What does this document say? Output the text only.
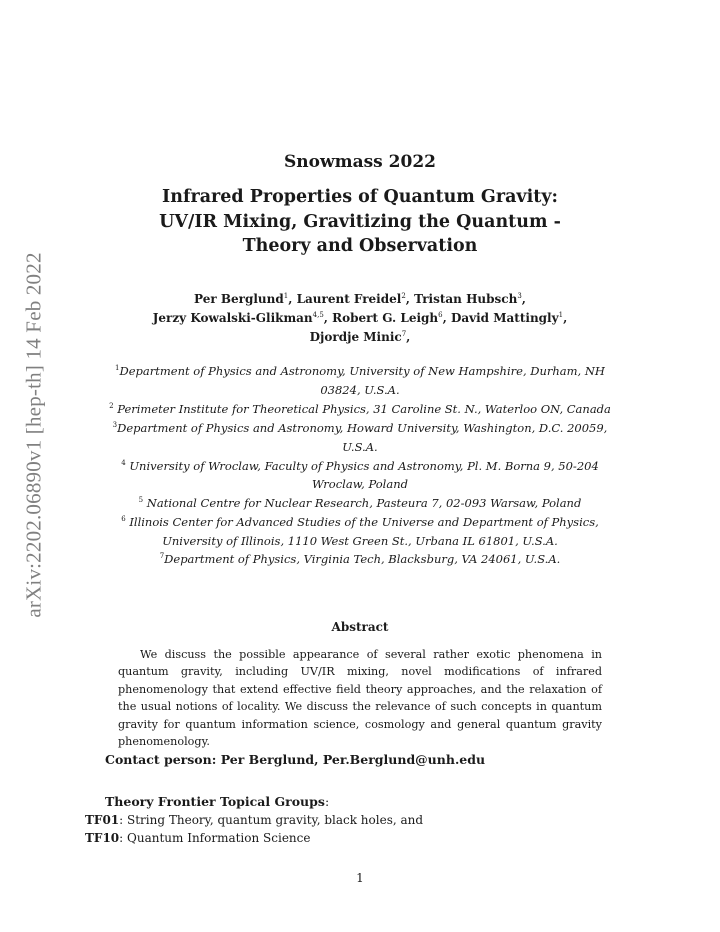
arXiv:2202.06890v1 [hep-th] 14 Feb 2022
Snowmass 2022
Infrared Properties of Quantum Gravity:
UV/IR Mixing, Gravitizing the Quantum -
Theory and Observation
Per Berglund$^1$, Laurent Freidel$^2$, Tristan Hubsch$^3$,
Jerzy Kowalski-Glikman$^{4,5}$, Robert G. Leigh$^6$, David Mattingly$^1$,
Djordje Minic$^7$,
$^1$Department of Physics and Astronomy, University of New Hampshire, Durham, NH
03824, U.S.A.
$^2$ Perimeter Institute for Theoretical Physics, 31 Caroline St. N., Waterloo ON, Canada
$^3$Department of Physics and Astronomy, Howard University, Washington, D.C. 20059,
U.S.A.
$^4$ University of Wroclaw, Faculty of Physics and Astronomy, Pl. M. Borna 9, 50-204
Wroclaw, Poland
$^5$ National Centre for Nuclear Research, Pasteura 7, 02-093 Warsaw, Poland
$^6$ Illinois Center for Advanced Studies of the Universe and Department of Physics,
University of Illinois, 1110 West Green St., Urbana IL 61801, U.S.A.
$^7$Department of Physics, Virginia Tech, Blacksburg, VA 24061, U.S.A.
Abstract
We discuss the possible appearance of several rather exotic phenomena in quantum gravity, including UV/IR mixing, novel modifications of infrared phenomenology that extend effective field theory approaches, and the relaxation of the usual notions of locality. We discuss the relevance of such concepts in quantum gravity for quantum information science, cosmology and general quantum gravity phenomenology.
Contact person: Per Berglund, Per.Berglund@unh.edu
Theory Frontier Topical Groups:
TF01: String Theory, quantum gravity, black holes, and
TF10: Quantum Information Science
1
